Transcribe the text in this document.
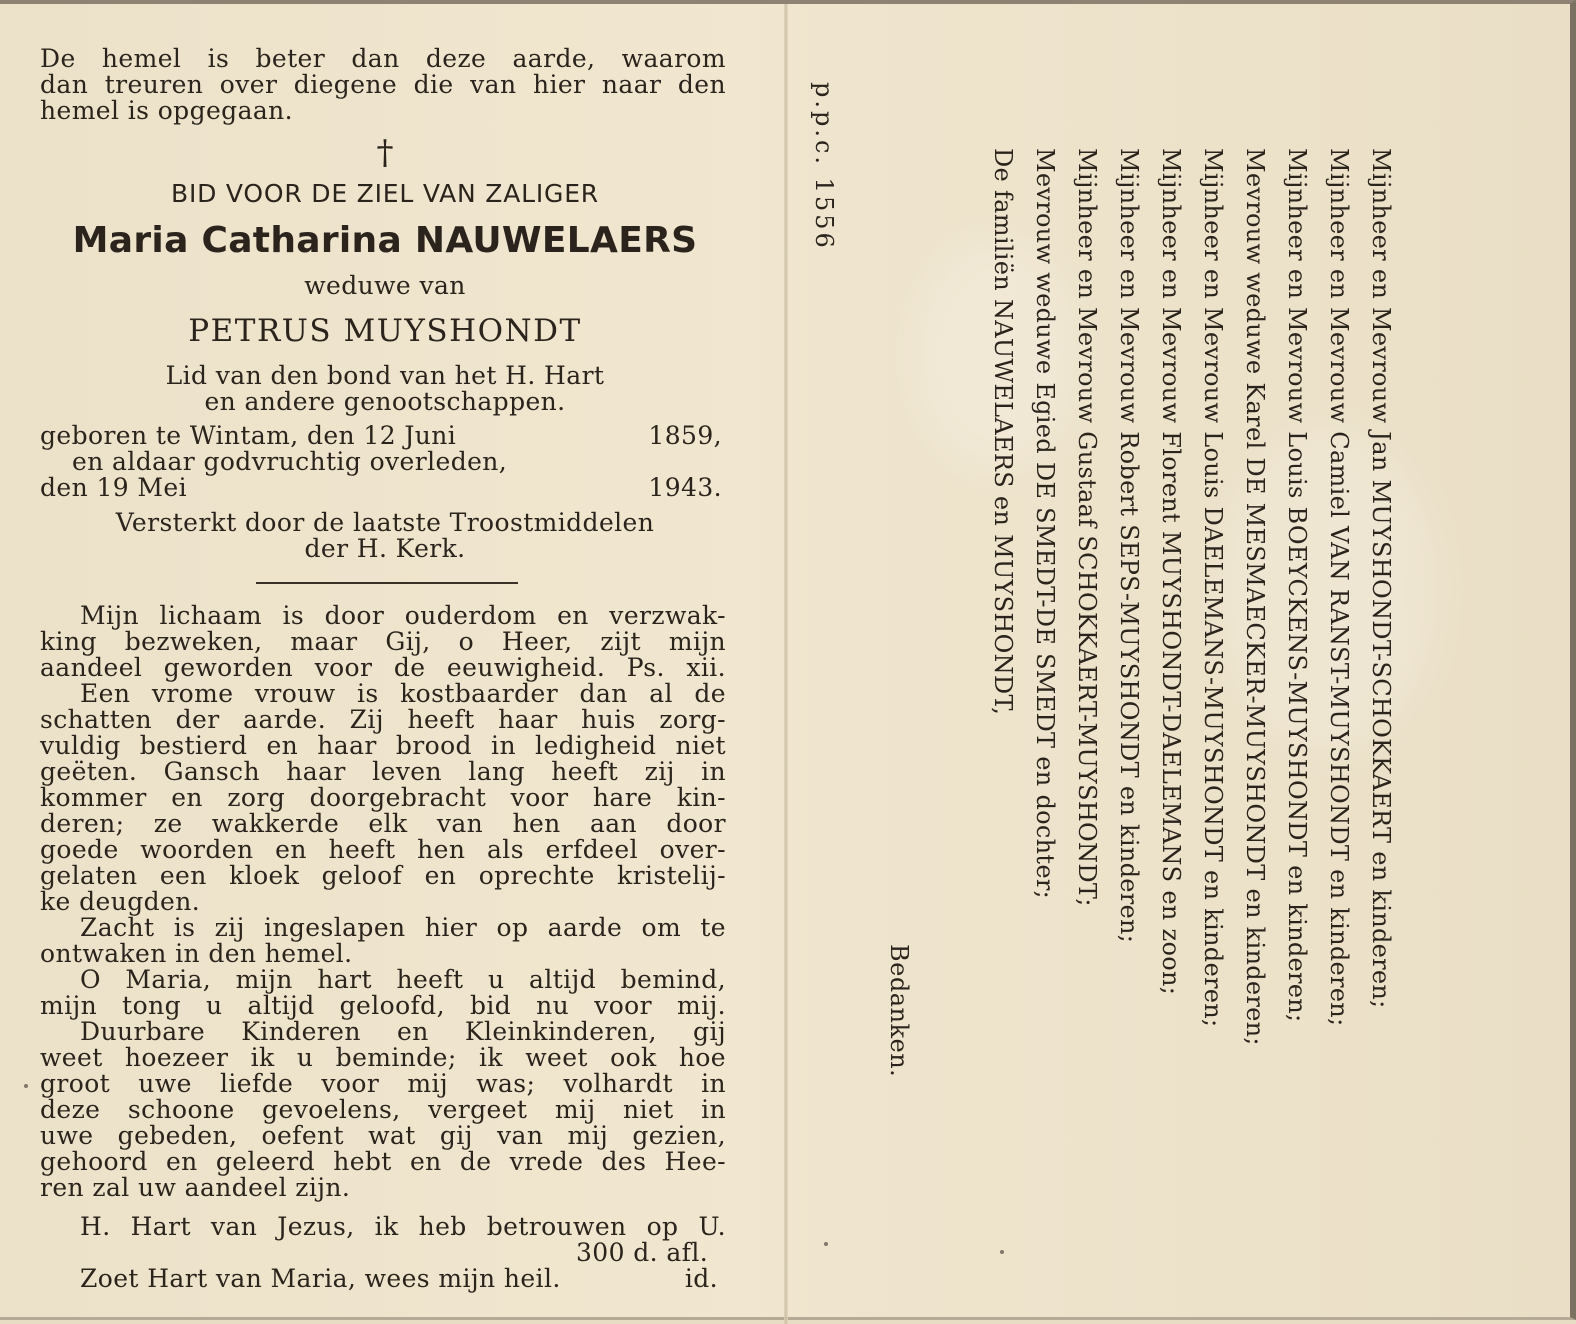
De hemel is beter dan deze aarde, waarom
dan treuren over diegene die van hier naar den
hemel is opgegaan.
†
BID VOOR DE ZIEL VAN ZALIGER
Maria Catharina NAUWELAERS
weduwe van
PETRUS MUYSHONDT
Lid van den bond van het H. Hart
en andere genootschappen.
geboren te Wintam, den 12 Juni	1859,
en aldaar godvruchtig overleden,
den 19 Mei	1943.
Versterkt door de laatste Troostmiddelen
der H. Kerk.
Mijn lichaam is door ouderdom en verzwak-
king bezweken, maar Gij, o Heer, zijt mijn
aandeel geworden voor de eeuwigheid. Ps. xii.
Een vrome vrouw is kostbaarder dan al de
schatten der aarde. Zij heeft haar huis zorg-
vuldig bestierd en haar brood in ledigheid niet
geëten. Gansch haar leven lang heeft zij in
kommer en zorg doorgebracht voor hare kin-
deren; ze wakkerde elk van hen aan door
goede woorden en heeft hen als erfdeel over-
gelaten een kloek geloof en oprechte kristelij-
ke deugden.
Zacht is zij ingeslapen hier op aarde om te
ontwaken in den hemel.
O Maria, mijn hart heeft u altijd bemind,
mijn tong u altijd geloofd, bid nu voor mij.
Duurbare Kinderen en Kleinkinderen, gij
weet hoezeer ik u beminde; ik weet ook hoe
groot uwe liefde voor mij was; volhardt in
deze schoone gevoelens, vergeet mij niet in
uwe gebeden, oefent wat gij van mij gezien,
gehoord en geleerd hebt en de vrede des Hee-
ren zal uw aandeel zijn.
H. Hart van Jezus, ik heb betrouwen op U.
300 d. afl.
Zoet Hart van Maria, wees mijn heil.	id.
p.p.c. 1556	Mijnheer en Mevrouw Jan MUYSHONDT-SCHOKKAERT en kinderen;
Mijnheer en Mevrouw Camiel VAN RANST-MUYSHONDT en kinderen;
Mijnheer en Mevrouw Louis BOEYCKENS-MUYSHONDT en kinderen;
Mevrouw weduwe Karel DE MESMAECKER-MUYSHONDT en kinderen;
Mijnheer en Mevrouw Louis DAELEMANS-MUYSHONDT en kinderen;
Mijnheer en Mevrouw Florent MUYSHONDT-DAELEMANS en zoon;
Mijnheer en Mevrouw Robert SEPS-MUYSHONDT en kinderen;
Mijnheer en Mevrouw Gustaaf SCHOKKAERT-MUYSHONDT;
Mevrouw weduwe Egied DE SMEDT-DE SMEDT en dochter;
De familiën NAUWELAERS en MUYSHONDT,
Bedanken.
